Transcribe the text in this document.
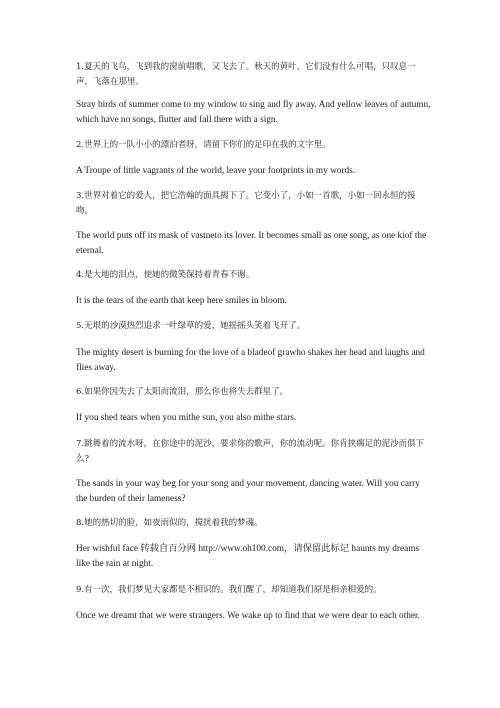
1.夏天的飞鸟，飞到我的窗前唱歌，又飞去了。秋天的黄叶，它们没有什么可唱，只叹息一声，飞落在那里。

Stray birds of summer come to my window to sing and fly away. And yellow leaves of autumn, which have no songs, flutter and fall there with a sign.

2.世界上的一队小小的漂泊者呀，请留下你们的足印在我的文字里。

A Troupe of little vagrants of the world, leave your footprints in my words.

3.世界对着它的爱人，把它浩翰的面具揭下了。它变小了，小如一首歌，小如一回永恒的接吻。

The world puts off its mask of vastneto its lover. It becomes small as one song, as one kiof the eternal.

4.是大地的泪点，使她的微笑保持着青春不谢。

It is the tears of the earth that keep here smiles in bloom.

5.无垠的沙漠热烈追求一叶绿草的爱，她摇摇头笑着飞开了。

The mighty desert is burning for the love of a bladeof grawho shakes her head and laughs and flies away.

6.如果你因失去了太阳而流泪，那么你也将失去群星了。

If you shed tears when you mithe sun, you also mithe stars.

7.跳舞着的流水呀，在你途中的泥沙，要求你的歌声，你的流动呢。你肯挟瘸足的泥沙而俱下么?

The sands in your way beg for your song and your movement, dancing water. Will you carry the burden of their lameness?

8.她的热切的脸，如夜雨似的，搅扰着我的梦魂。

Her wishful face 转载自百分网 http://www.oh100.com，请保留此标记 haunts my dreams like the rain at night.

9.有一次，我们梦见大家都是不相识的。我们醒了，却知道我们原是相亲相爱的。

Once we dreamt that we were strangers. We wake up to find that we were dear to each other.
